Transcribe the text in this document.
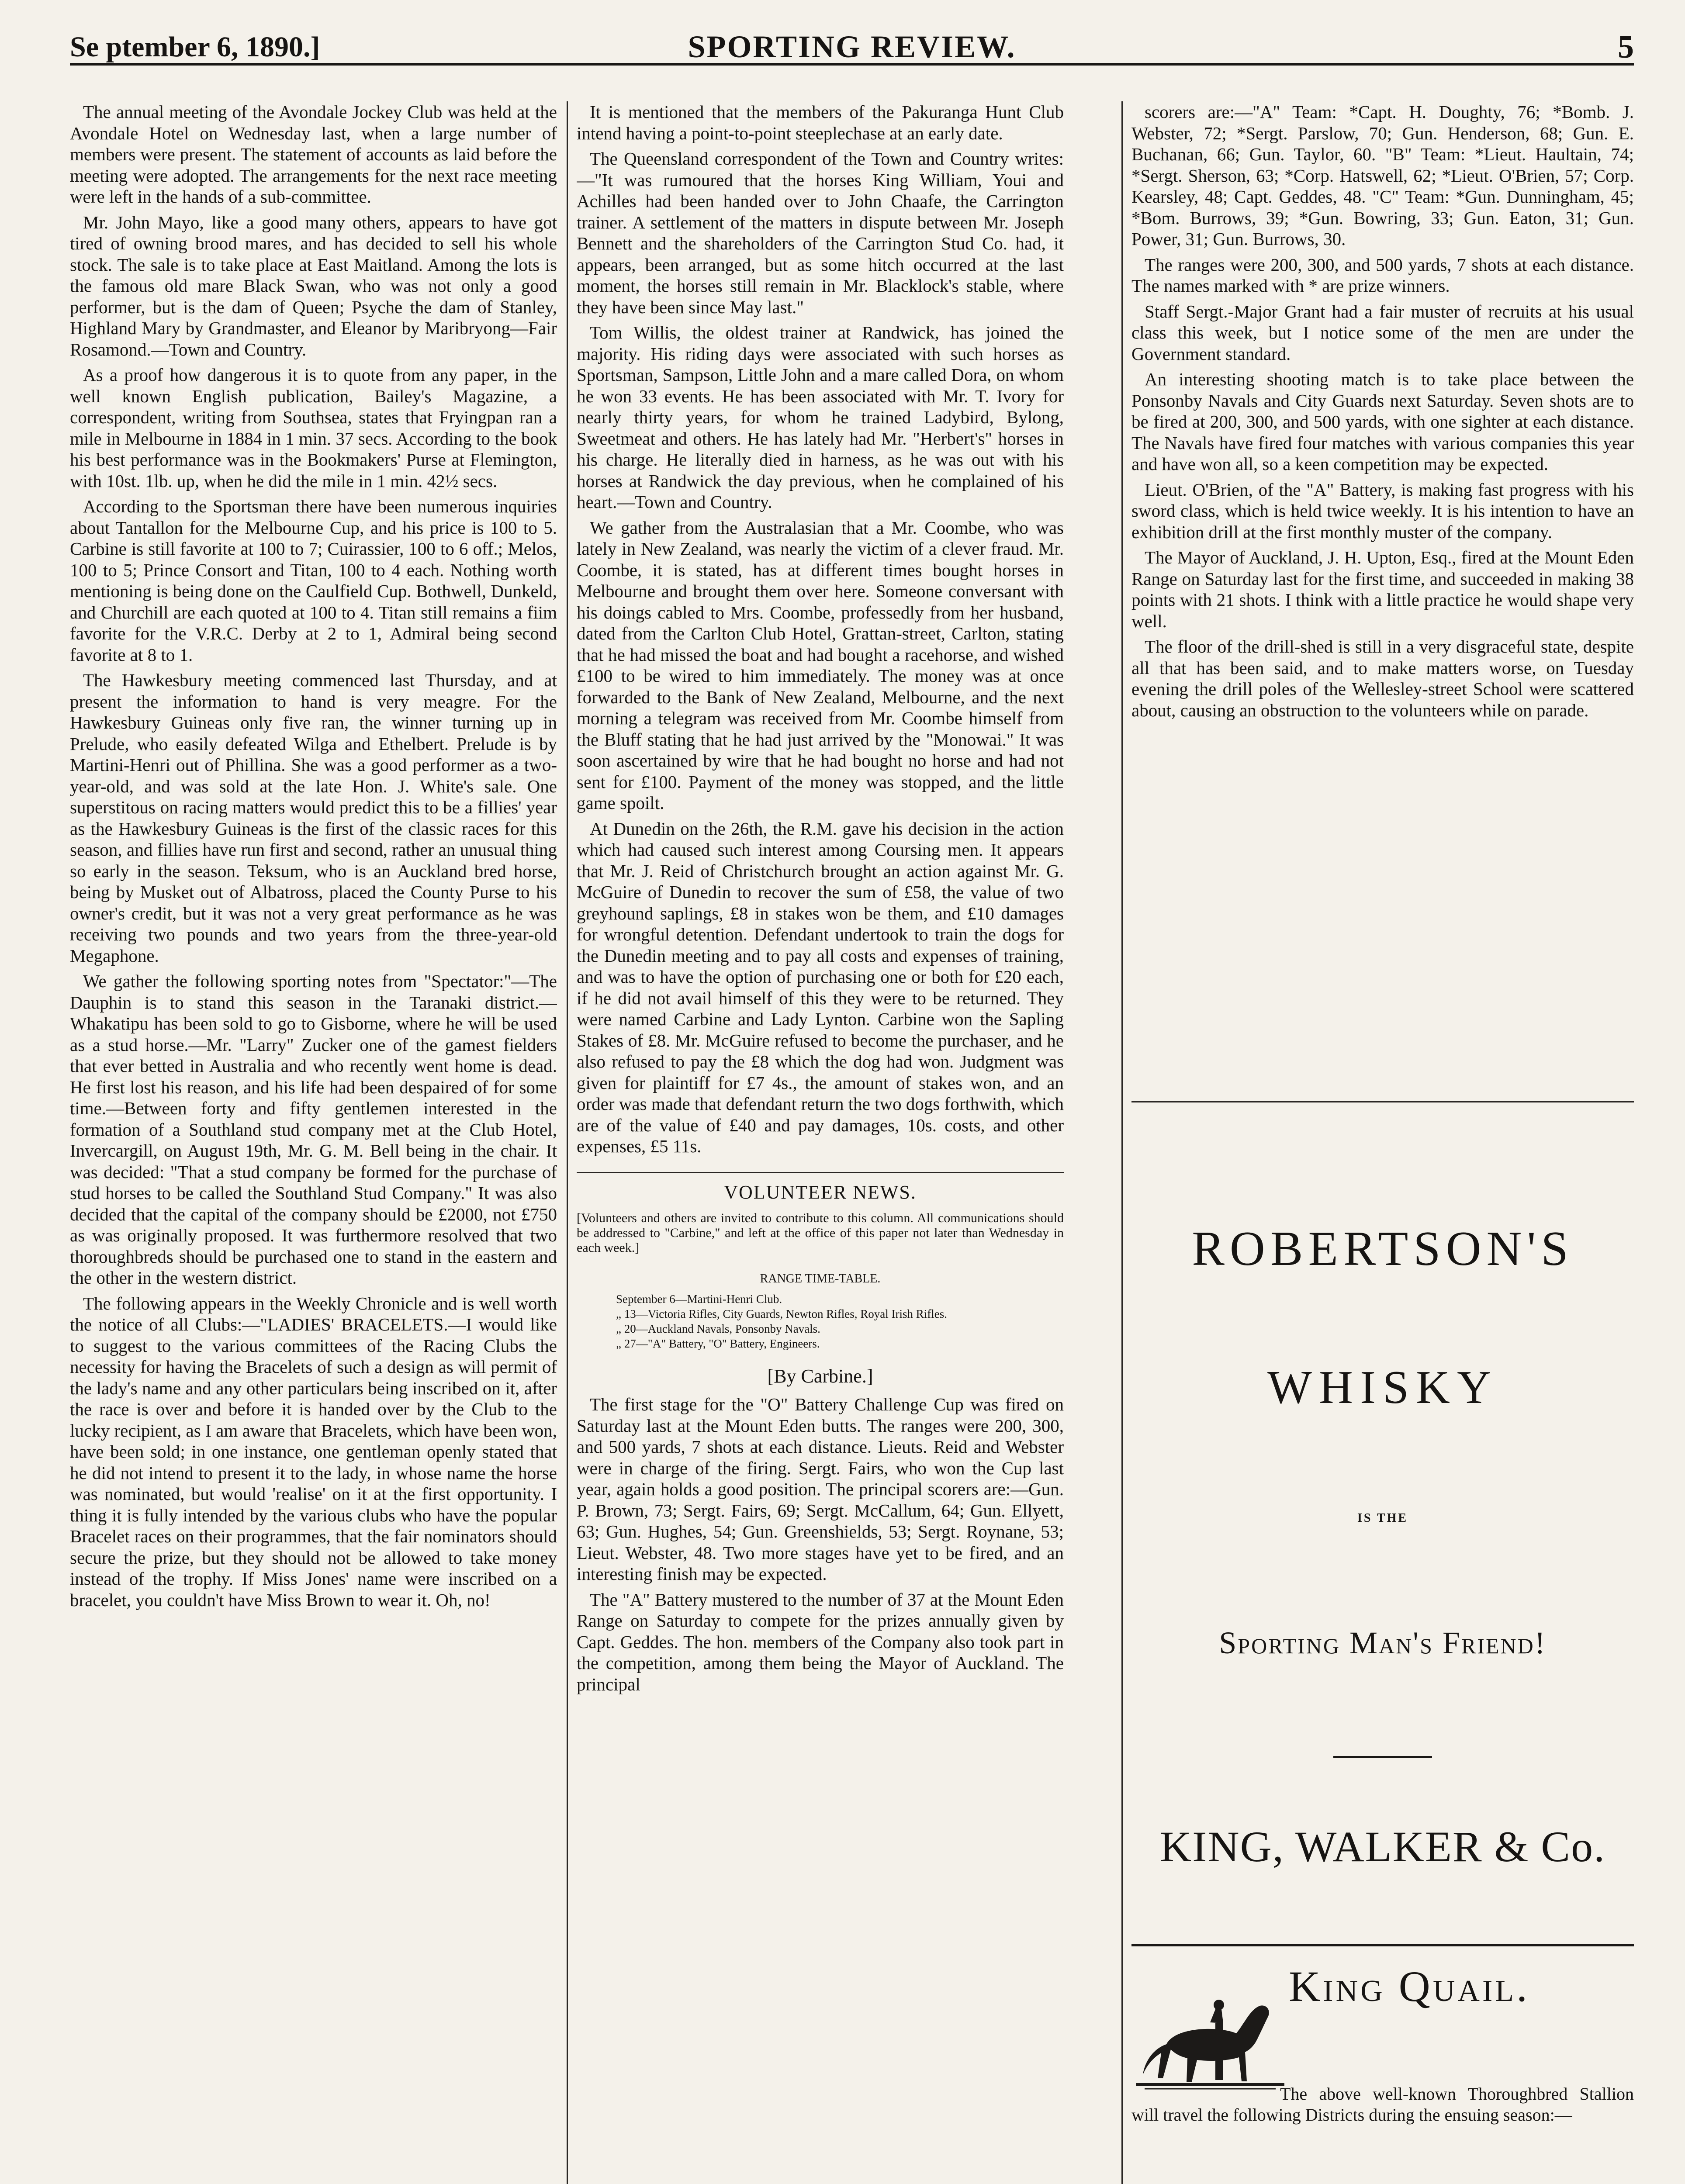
Se ptember 6, 1890.]	SPORTING REVIEW.	5

The annual meeting of the Avondale Jockey Club was held at the Avondale Hotel on Wednesday last, when a large number of members were present. The statement of accounts as laid before the meeting were adopted. The arrangements for the next race meeting were left in the hands of a sub-committee.

Mr. John Mayo, like a good many others, appears to have got tired of owning brood mares, and has decided to sell his whole stock. The sale is to take place at East Maitland. Among the lots is the famous old mare Black Swan, who was not only a good performer, but is the dam of Queen; Psyche the dam of Stanley, Highland Mary by Grandmaster, and Eleanor by Maribryong—Fair Rosamond.—Town and Country.

As a proof how dangerous it is to quote from any paper, in the well known English publication, Bailey's Magazine, a correspondent, writing from Southsea, states that Fryingpan ran a mile in Melbourne in 1884 in 1 min. 37 secs. According to the book his best performance was in the Bookmakers' Purse at Flemington, with 10st. 1lb. up, when he did the mile in 1 min. 42½ secs.

According to the Sportsman there have been numerous inquiries about Tantallon for the Melbourne Cup, and his price is 100 to 5. Carbine is still favorite at 100 to 7; Cuirassier, 100 to 6 off.; Melos, 100 to 5; Prince Consort and Titan, 100 to 4 each. Nothing worth mentioning is being done on the Caulfield Cup. Bothwell, Dunkeld, and Churchill are each quoted at 100 to 4. Titan still remains a fiim favorite for the V.R.C. Derby at 2 to 1, Admiral being second favorite at 8 to 1.

The Hawkesbury meeting commenced last Thursday, and at present the information to hand is very meagre. For the Hawkesbury Guineas only five ran, the winner turning up in Prelude, who easily defeated Wilga and Ethelbert. Prelude is by Martini-Henri out of Phillina. She was a good performer as a two-year-old, and was sold at the late Hon. J. White's sale. One superstitous on racing matters would predict this to be a fillies' year as the Hawkesbury Guineas is the first of the classic races for this season, and fillies have run first and second, rather an unusual thing so early in the season. Teksum, who is an Auckland bred horse, being by Musket out of Albatross, placed the County Purse to his owner's credit, but it was not a very great performance as he was receiving two pounds and two years from the three-year-old Megaphone.

We gather the following sporting notes from "Spectator:"—The Dauphin is to stand this season in the Taranaki district.—Whakatipu has been sold to go to Gisborne, where he will be used as a stud horse.—Mr. "Larry" Zucker one of the gamest fielders that ever betted in Australia and who recently went home is dead. He first lost his reason, and his life had been despaired of for some time.—Between forty and fifty gentlemen interested in the formation of a Southland stud company met at the Club Hotel, Invercargill, on August 19th, Mr. G. M. Bell being in the chair. It was decided: "That a stud company be formed for the purchase of stud horses to be called the Southland Stud Company." It was also decided that the capital of the company should be £2000, not £750 as was originally proposed. It was furthermore resolved that two thoroughbreds should be purchased one to stand in the eastern and the other in the western district.

The following appears in the Weekly Chronicle and is well worth the notice of all Clubs:—"LADIES' BRACELETS.—I would like to suggest to the various committees of the Racing Clubs the necessity for having the Bracelets of such a design as will permit of the lady's name and any other particulars being inscribed on it, after the race is over and before it is handed over by the Club to the lucky recipient, as I am aware that Bracelets, which have been won, have been sold; in one instance, one gentleman openly stated that he did not intend to present it to the lady, in whose name the horse was nominated, but would 'realise' on it at the first opportunity. I thing it is fully intended by the various clubs who have the popular Bracelet races on their programmes, that the fair nominators should secure the prize, but they should not be allowed to take money instead of the trophy. If Miss Jones' name were inscribed on a bracelet, you couldn't have Miss Brown to wear it. Oh, no!

It is mentioned that the members of the Pakuranga Hunt Club intend having a point-to-point steeplechase at an early date.

The Queensland correspondent of the Town and Country writes:—"It was rumoured that the horses King William, Youi and Achilles had been handed over to John Chaafe, the Carrington trainer. A settlement of the matters in dispute between Mr. Joseph Bennett and the shareholders of the Carrington Stud Co. had, it appears, been arranged, but as some hitch occurred at the last moment, the horses still remain in Mr. Blacklock's stable, where they have been since May last."

Tom Willis, the oldest trainer at Randwick, has joined the majority. His riding days were associated with such horses as Sportsman, Sampson, Little John and a mare called Dora, on whom he won 33 events. He has been associated with Mr. T. Ivory for nearly thirty years, for whom he trained Ladybird, Bylong, Sweetmeat and others. He has lately had Mr. "Herbert's" horses in his charge. He literally died in harness, as he was out with his horses at Randwick the day previous, when he complained of his heart.—Town and Country.

We gather from the Australasian that a Mr. Coombe, who was lately in New Zealand, was nearly the victim of a clever fraud. Mr. Coombe, it is stated, has at different times bought horses in Melbourne and brought them over here. Someone conversant with his doings cabled to Mrs. Coombe, professedly from her husband, dated from the Carlton Club Hotel, Grattan-street, Carlton, stating that he had missed the boat and had bought a racehorse, and wished £100 to be wired to him immediately. The money was at once forwarded to the Bank of New Zealand, Melbourne, and the next morning a telegram was received from Mr. Coombe himself from the Bluff stating that he had just arrived by the "Monowai." It was soon ascertained by wire that he had bought no horse and had not sent for £100. Payment of the money was stopped, and the little game spoilt.

At Dunedin on the 26th, the R.M. gave his decision in the action which had caused such interest among Coursing men. It appears that Mr. J. Reid of Christchurch brought an action against Mr. G. McGuire of Dunedin to recover the sum of £58, the value of two greyhound saplings, £8 in stakes won be them, and £10 damages for wrongful detention. Defendant undertook to train the dogs for the Dunedin meeting and to pay all costs and expenses of training, and was to have the option of purchasing one or both for £20 each, if he did not avail himself of this they were to be returned. They were named Carbine and Lady Lynton. Carbine won the Sapling Stakes of £8. Mr. McGuire refused to become the purchaser, and he also refused to pay the £8 which the dog had won. Judgment was given for plaintiff for £7 4s., the amount of stakes won, and an order was made that defendant return the two dogs forthwith, which are of the value of £40 and pay damages, 10s. costs, and other expenses, £5 11s.

VOLUNTEER NEWS.
[Volunteers and others are invited to contribute to this column. All communications should be addressed to "Carbine," and left at the office of this paper not later than Wednesday in each week.]
RANGE TIME-TABLE.
September 6—Martini-Henri Club.
„ 13—Victoria Rifles, City Guards, Newton Rifles, Royal Irish Rifles.
„ 20—Auckland Navals, Ponsonby Navals.
„ 27—"A" Battery, "O" Battery, Engineers.
[By Carbine.]

The first stage for the "O" Battery Challenge Cup was fired on Saturday last at the Mount Eden butts. The ranges were 200, 300, and 500 yards, 7 shots at each distance. Lieuts. Reid and Webster were in charge of the firing. Sergt. Fairs, who won the Cup last year, again holds a good position. The principal scorers are:—Gun. P. Brown, 73; Sergt. Fairs, 69; Sergt. McCallum, 64; Gun. Ellyett, 63; Gun. Hughes, 54; Gun. Greenshields, 53; Sergt. Roynane, 53; Lieut. Webster, 48. Two more stages have yet to be fired, and an interesting finish may be expected.

The "A" Battery mustered to the number of 37 at the Mount Eden Range on Saturday to compete for the prizes annually given by Capt. Geddes. The hon. members of the Company also took part in the competition, among them being the Mayor of Auckland. The principal

scorers are:—"A" Team: *Capt. H. Doughty, 76; *Bomb. J. Webster, 72; *Sergt. Parslow, 70; Gun. Henderson, 68; Gun. E. Buchanan, 66; Gun. Taylor, 60. "B" Team: *Lieut. Haultain, 74; *Sergt. Sherson, 63; *Corp. Hatswell, 62; *Lieut. O'Brien, 57; Corp. Kearsley, 48; Capt. Geddes, 48. "C" Team: *Gun. Dunningham, 45; *Bom. Burrows, 39; *Gun. Bowring, 33; Gun. Eaton, 31; Gun. Power, 31; Gun. Burrows, 30.

The ranges were 200, 300, and 500 yards, 7 shots at each distance. The names marked with * are prize winners.

Staff Sergt.-Major Grant had a fair muster of recruits at his usual class this week, but I notice some of the men are under the Government standard.

An interesting shooting match is to take place between the Ponsonby Navals and City Guards next Saturday. Seven shots are to be fired at 200, 300, and 500 yards, with one sighter at each distance. The Navals have fired four matches with various companies this year and have won all, so a keen competition may be expected.

Lieut. O'Brien, of the "A" Battery, is making fast progress with his sword class, which is held twice weekly. It is his intention to have an exhibition drill at the first monthly muster of the company.

The Mayor of Auckland, J. H. Upton, Esq., fired at the Mount Eden Range on Saturday last for the first time, and succeeded in making 38 points with 21 shots. I think with a little practice he would shape very well.

The floor of the drill-shed is still in a very disgraceful state, despite all that has been said, and to make matters worse, on Tuesday evening the drill poles of the Wellesley-street School were scattered about, causing an obstruction to the volunteers while on parade.

ROBERTSON'S
WHISKY
IS THE
Sporting Man's Friend!
KING, WALKER & Co.
King Quail.
The above well-known Thoroughbred Stallion will travel the following Districts during the ensuing season:—
